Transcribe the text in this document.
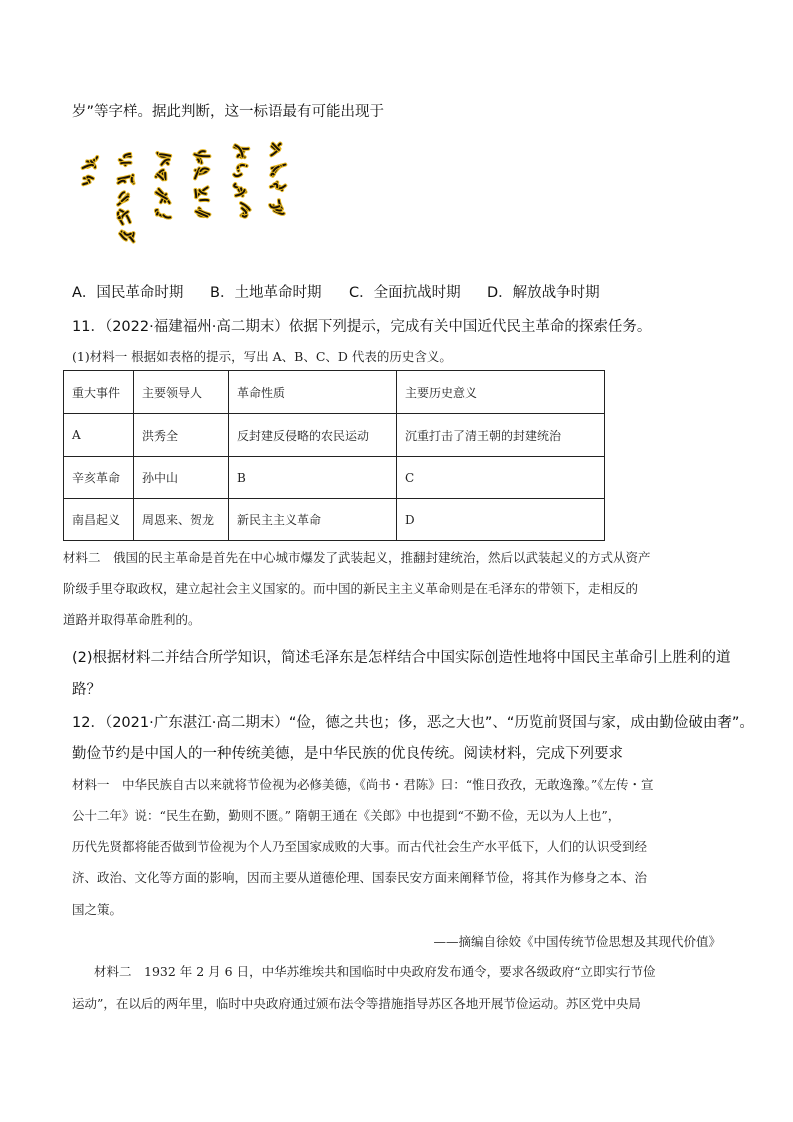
岁”等字样。据此判断，这一标语最有可能出现于
A．国民革命时期	B．土地革命时期	C．全面抗战时期	D．解放战争时期
11．（2022·福建福州·高二期末）依据下列提示，完成有关中国近代民主革命的探索任务。
(1)材料一 根据如表格的提示，写出 A、B、C、D 代表的历史含义。
重大事件	主要领导人	革命性质	主要历史意义
A	洪秀全	反封建反侵略的农民运动	沉重打击了清王朝的封建统治
辛亥革命	孙中山	B	C
南昌起义	周恩来、贺龙	新民主主义革命	D
材料二　俄国的民主革命是首先在中心城市爆发了武装起义，推翻封建统治，然后以武装起义的方式从资产
阶级手里夺取政权，建立起社会主义国家的。而中国的新民主主义革命则是在毛泽东的带领下，走相反的
道路并取得革命胜利的。
(2)根据材料二并结合所学知识，简述毛泽东是怎样结合中国实际创造性地将中国民主革命引上胜利的道
路？
12．（2021·广东湛江·高二期末）“俭，德之共也；侈，恶之大也”、“历览前贤国与家，成由勤俭破由奢”。
勤俭节约是中国人的一种传统美德，是中华民族的优良传统。阅读材料，完成下列要求
材料一　中华民族自古以来就将节俭视为必修美德，《尚书・君陈》曰：“惟日孜孜，无敢逸豫。”《左传・宣
公十二年》说：“民生在勤，勤则不匮。” 隋朝王通在《关郎》中也提到“不勤不俭，无以为人上也”，
历代先贤都将能否做到节俭视为个人乃至国家成败的大事。而古代社会生产水平低下，人们的认识受到经
济、政治、文化等方面的影响，因而主要从道德伦理、国泰民安方面来阐释节俭，将其作为修身之本、治
国之策。
——摘编自徐姣《中国传统节俭思想及其现代价值》
材料二　1932 年 2 月 6 日，中华苏维埃共和国临时中央政府发布通令，要求各级政府“立即实行节俭
运动”，在以后的两年里，临时中央政府通过颁布法令等措施指导苏区各地开展节俭运动。苏区党中央局
